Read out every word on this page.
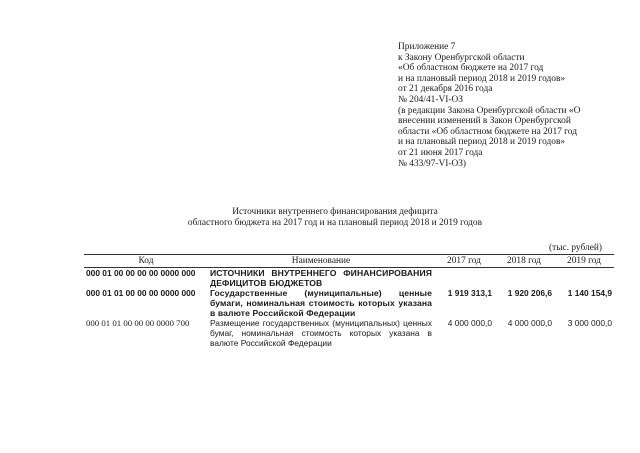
Приложение 7
к Закону Оренбургской области
«Об областном бюджете на 2017 год
и на плановый период 2018 и 2019 годов»
от 21 декабря 2016 года
№ 204/41-VI-ОЗ
(в редакции Закона Оренбургской области «О
внесении изменений в Закон Оренбургской
области «Об областном бюджете на 2017 год
и на плановый период 2018 и 2019 годов»
от 21 июня 2017 года
№ 433/97-VI-ОЗ)
Источники внутреннего финансирования дефицита
областного бюджета на 2017 год и на плановый период 2018 и 2019 годов
(тыс. рублей)
Код	Наименование	2017 год	2018 год	2019 год
000 01 00 00 00 00 0000 000	ИСТОЧНИКИ ВНУТРЕННЕГО ФИНАНСИРОВАНИЯ ДЕФИЦИТОВ БЮДЖЕТОВ			
000 01 01 00 00 00 0000 000	Государственные (муниципальные) ценные бумаги, номинальная стоимость которых указана в валюте Российской Федерации	1 919 313,1	1 920 206,6	1 140 154,9
000 01 01 00 00 00 0000 700	Размещение государственных (муниципальных) ценных бумаг, номинальная стоимость которых указана в валюте Российской Федерации	4 000 000,0	4 000 000,0	3 000 000,0
